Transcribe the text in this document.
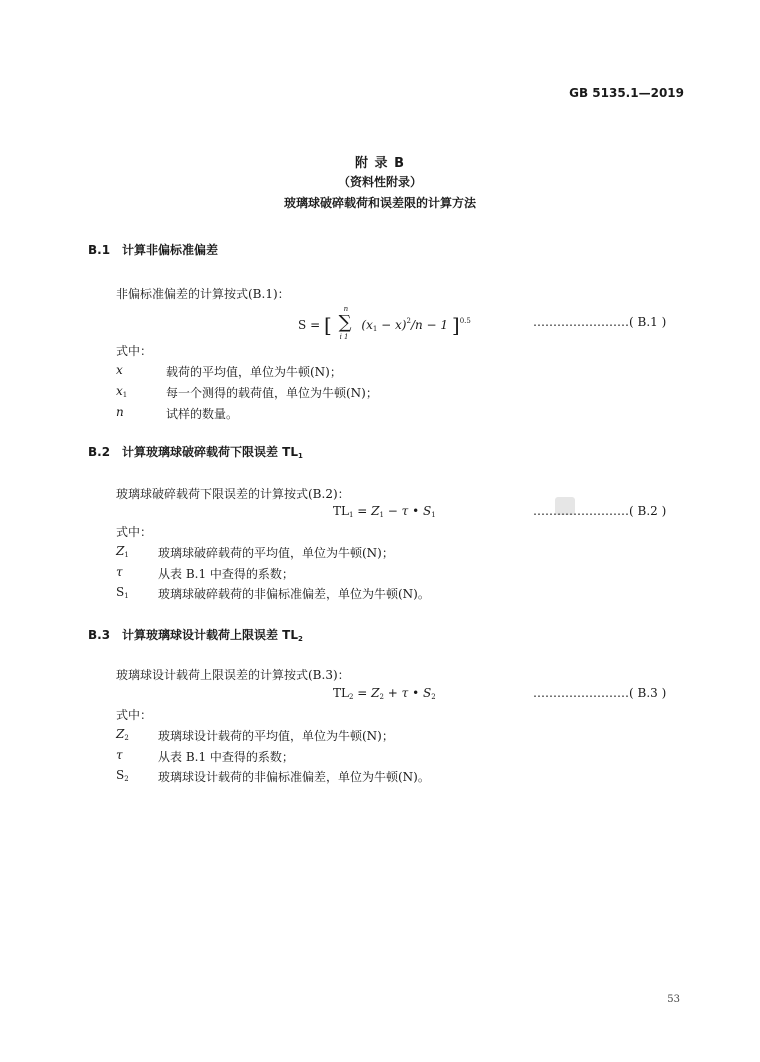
GB 5135.1—2019
附 录 B
（资料性附录）
玻璃球破碎载荷和误差限的计算方法
B.1 计算非偏标准偏差
非偏标准偏差的计算按式(B.1)：
S = [
n
∑
i 1
$(x_1 - x)^2/n - 1$ ]$^{0.5}$	……………………( B.1 )
式中：
x	载荷的平均值，单位为牛顿(N)；
$x_1$	每一个测得的载荷值，单位为牛顿(N)；
n	试样的数量。
B.2 计算玻璃球破碎载荷下限误差 $TL_1$
玻璃球破碎载荷下限误差的计算按式(B.2)：
$TL_1 = Z_1 - \tau$ • $S_1$	……………………( B.2 )
式中：
$Z_1$ 玻璃球破碎载荷的平均值，单位为牛顿(N)；
τ	从表 B.1 中查得的系数；
$S_1$ 玻璃球破碎载荷的非偏标准偏差，单位为牛顿(N)。
B.3 计算玻璃球设计载荷上限误差 $TL_2$
玻璃球设计载荷上限误差的计算按式(B.3)：
$TL_2 = Z_2 + \tau$ • $S_2$	……………………( B.3 )
式中：
$Z_2$ 玻璃球设计载荷的平均值，单位为牛顿(N)；
τ	从表 B.1 中查得的系数；
$S_2$ 玻璃球设计载荷的非偏标准偏差，单位为牛顿(N)。
53
